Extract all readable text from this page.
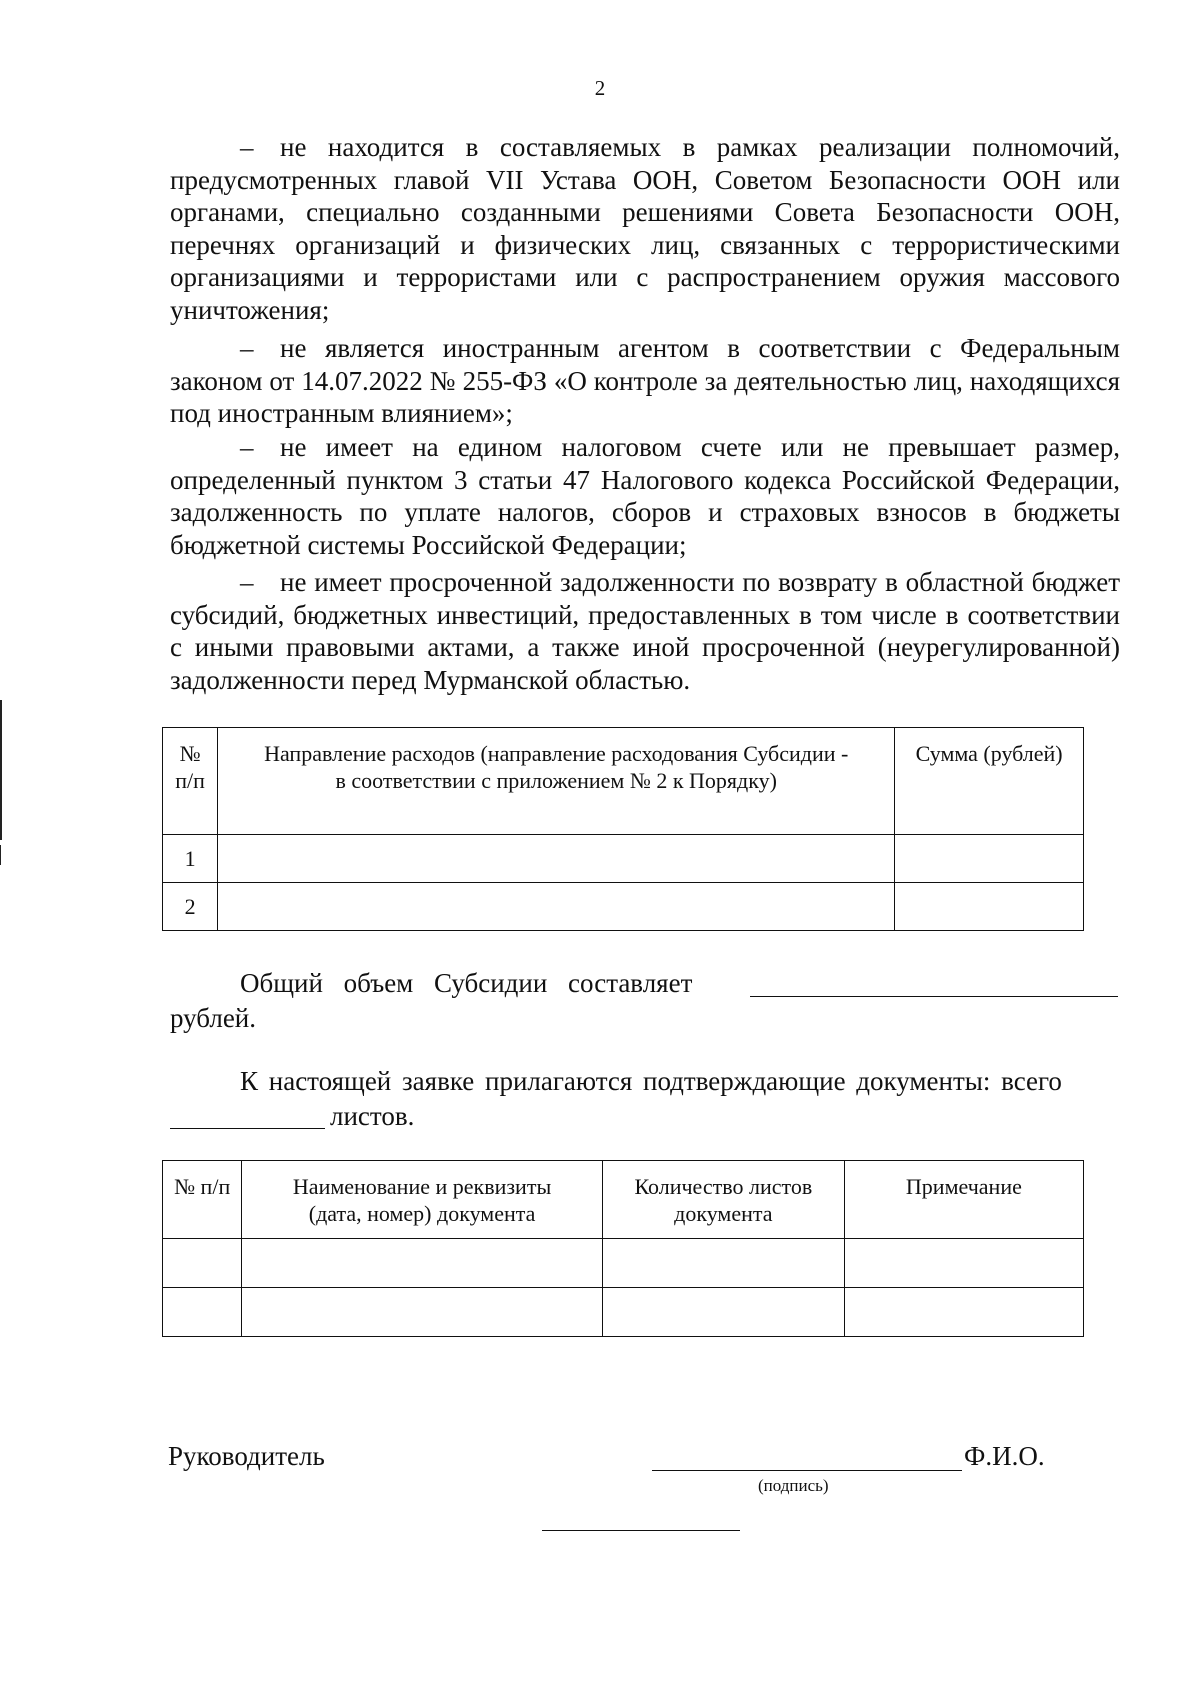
2
– не находится в составляемых в рамках реализации полномочий, предусмотренных главой VII Устава ООН, Советом Безопасности ООН или органами, специально созданными решениями Совета Безопасности ООН, перечнях организаций и физических лиц, связанных с террористическими организациями и террористами или с распространением оружия массового уничтожения;
– не является иностранным агентом в соответствии с Федеральным законом от 14.07.2022 № 255-ФЗ «О контроле за деятельностью лиц, находящихся под иностранным влиянием»;
– не имеет на едином налоговом счете или не превышает размер, определенный пунктом 3 статьи 47 Налогового кодекса Российской Федерации, задолженность по уплате налогов, сборов и страховых взносов в бюджеты бюджетной системы Российской Федерации;
– не имеет просроченной задолженности по возврату в областной бюджет субсидий, бюджетных инвестиций, предоставленных в том числе в соответствии с иными правовыми актами, а также иной просроченной (неурегулированной) задолженности перед Мурманской областью.
№ п/п	Направление расходов (направление расходования Субсидии - в соответствии с приложением № 2 к Порядку)	Сумма (рублей)
1		
2		
Общий объем Субсидии составляет
рублей.
К настоящей заявке прилагаются подтверждающие документы: всего
листов.
№ п/п	Наименование и реквизиты (дата, номер) документа	Количество листов документа	Примечание

Руководитель	Ф.И.О.
(подпись)
